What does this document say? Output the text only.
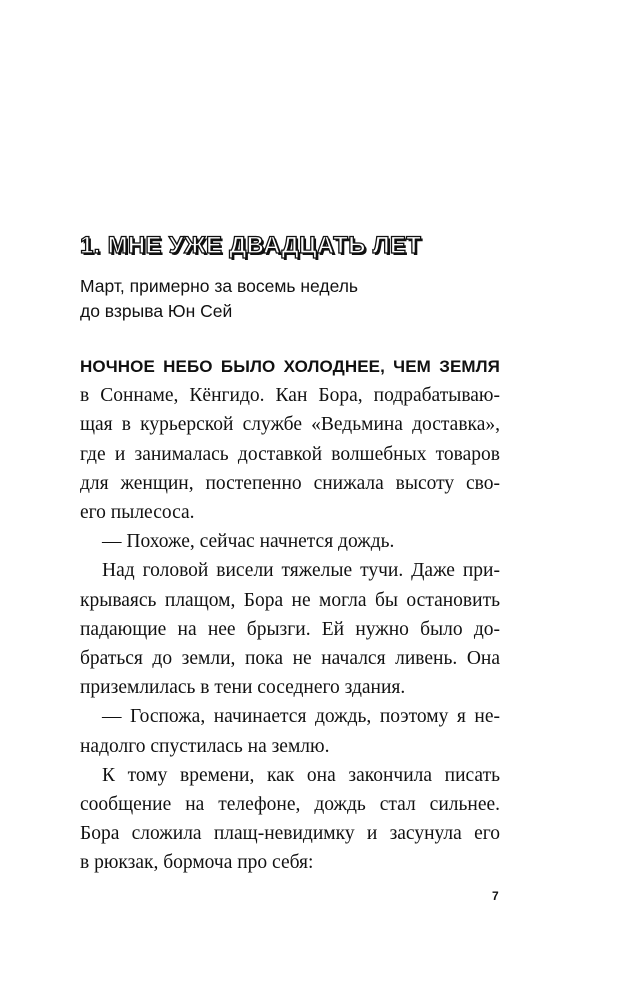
1. МНЕ УЖЕ ДВАДЦАТЬ ЛЕТ
Март, примерно за восемь недель
до взрыва Юн Сей
НОЧНОЕ НЕБО БЫЛО ХОЛОДНЕЕ, ЧЕМ ЗЕМЛЯ
в Соннаме, Кёнгидо. Кан Бора, подрабатываю-
щая в курьерской службе «Ведьмина доставка»,
где и занималась доставкой волшебных товаров
для женщин, постепенно снижала высоту сво-
его пылесоса.
— Похоже, сейчас начнется дождь.
Над головой висели тяжелые тучи. Даже при-
крываясь плащом, Бора не могла бы остановить
падающие на нее брызги. Ей нужно было до-
браться до земли, пока не начался ливень. Она
приземлилась в тени соседнего здания.
— Госпожа, начинается дождь, поэтому я не-
надолго спустилась на землю.
К тому времени, как она закончила писать
сообщение на телефоне, дождь стал сильнее.
Бора сложила плащ-невидимку и засунула его
в рюкзак, бормоча про себя:
7
